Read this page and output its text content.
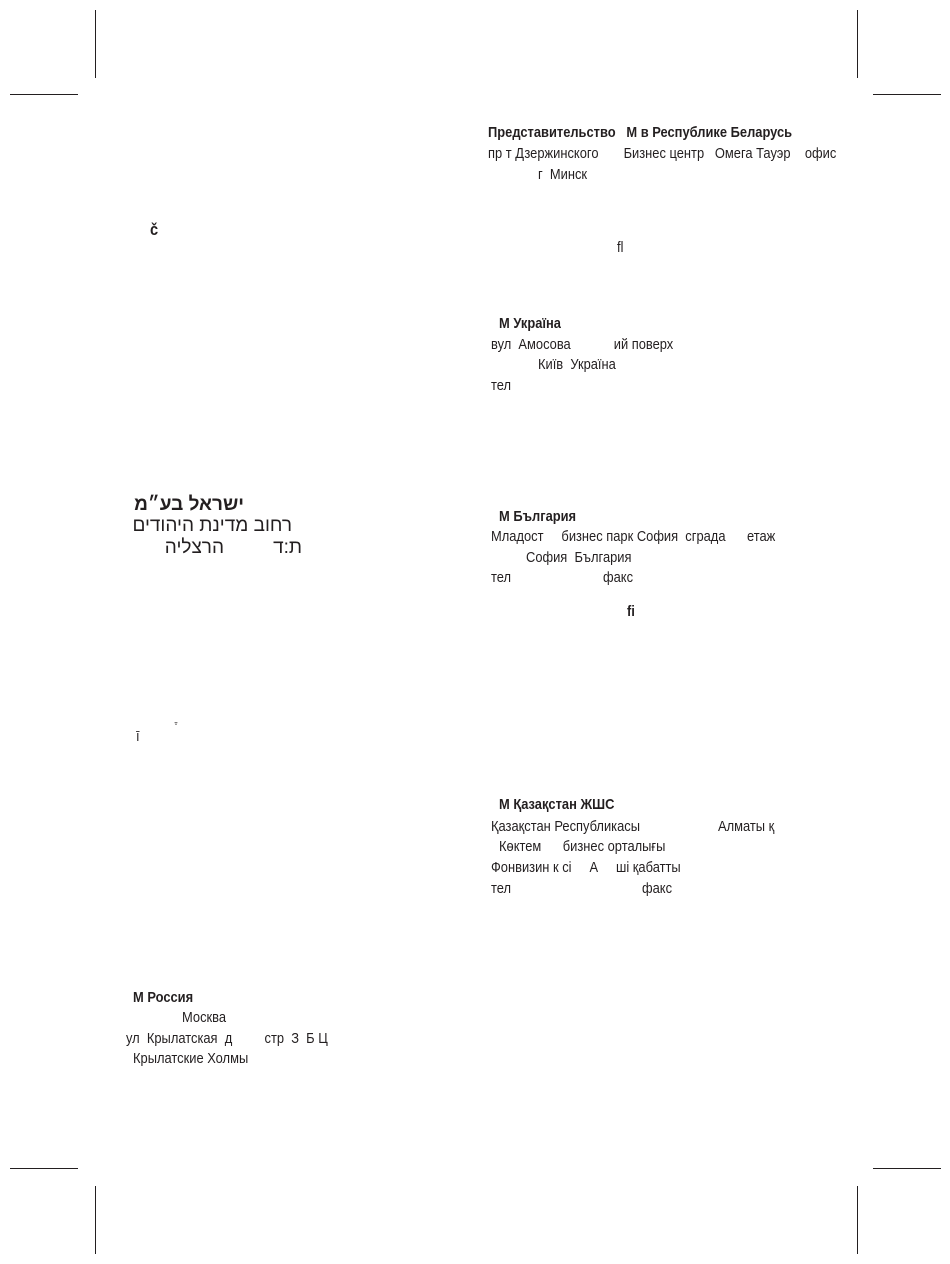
Представительство   М в Республике Беларусь
пр т Дзержинского       Бизнес центр   Омега Тауэр    офис
г  Минск
ﬂ
č
М Україна
вул  Амосова            ий поверх
Київ  Україна
тел
ישראל בע״מ
רחוב מדינת היהודים
הרצליה	ת:ד
М България
Младост     бизнес парк София  сграда      етаж
София  България
тел	факс
ﬁ
ī
М Қазақстан ЖШС
Қазақстан Республикасы	Алматы қ
Көктем      бизнес орталығы
Фонвизин к сі     А     ші қабатты
тел	факс
М Россия
Москва
ул  Крылатская  д         стр  З  Б Ц
Крылатские Холмы
